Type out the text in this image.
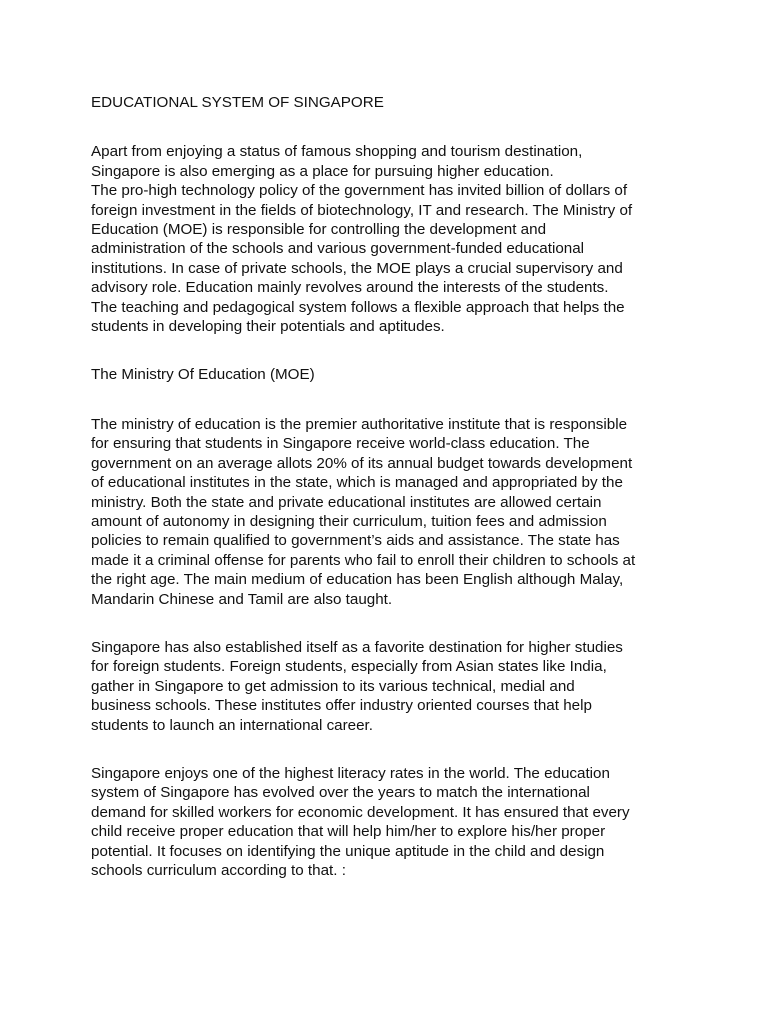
EDUCATIONAL SYSTEM OF SINGAPORE
Apart from enjoying a status of famous shopping and tourism destination,
Singapore is also emerging as a place for pursuing higher education.
The pro-high technology policy of the government has invited billion of dollars of
foreign investment in the fields of biotechnology, IT and research. The Ministry of
Education (MOE) is responsible for controlling the development and
administration of the schools and various government-funded educational
institutions. In case of private schools, the MOE plays a crucial supervisory and
advisory role. Education mainly revolves around the interests of the students.
The teaching and pedagogical system follows a flexible approach that helps the
students in developing their potentials and aptitudes.
The Ministry Of Education (MOE)
The ministry of education is the premier authoritative institute that is responsible
for ensuring that students in Singapore receive world-class education. The
government on an average allots 20% of its annual budget towards development
of educational institutes in the state, which is managed and appropriated by the
ministry. Both the state and private educational institutes are allowed certain
amount of autonomy in designing their curriculum, tuition fees and admission
policies to remain qualified to government’s aids and assistance. The state has
made it a criminal offense for parents who fail to enroll their children to schools at
the right age. The main medium of education has been English although Malay,
Mandarin Chinese and Tamil are also taught.
Singapore has also established itself as a favorite destination for higher studies
for foreign students. Foreign students, especially from Asian states like India,
gather in Singapore to get admission to its various technical, medial and
business schools. These institutes offer industry oriented courses that help
students to launch an international career.
Singapore enjoys one of the highest literacy rates in the world. The education
system of Singapore has evolved over the years to match the international
demand for skilled workers for economic development. It has ensured that every
child receive proper education that will help him/her to explore his/her proper
potential. It focuses on identifying the unique aptitude in the child and design
schools curriculum according to that. :
